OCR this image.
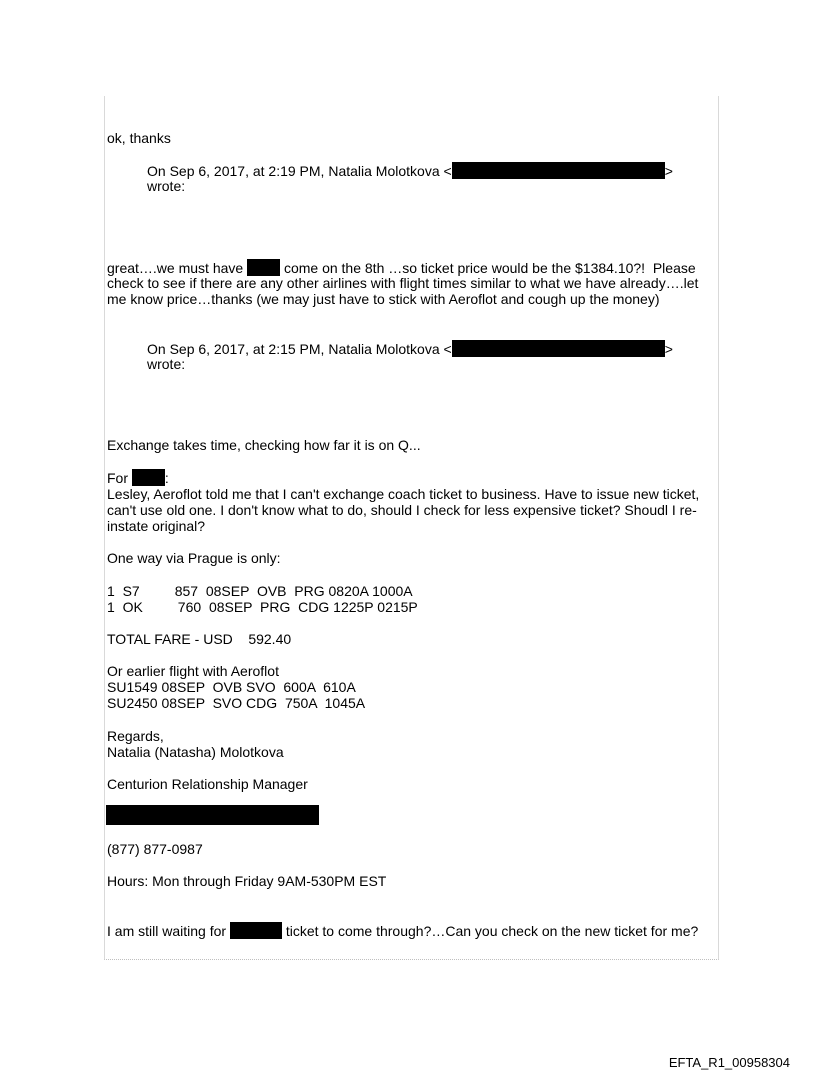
ok, thanks

On Sep 6, 2017, at 2:19 PM, Natalia Molotkova <	>

wrote:

great….we must have  come on the 8th …so ticket price would be the $1384.10?!  Please

check to see if there are any other airlines with flight times similar to what we have already….let

me know price…thanks (we may just have to stick with Aeroflot and cough up the money)

On Sep 6, 2017, at 2:15 PM, Natalia Molotkova <	>

wrote:

Exchange takes time, checking how far it is on Q...

For :

Lesley, Aeroflot told me that I can't exchange coach ticket to business. Have to issue new ticket,

can't use old one. I don't know what to do, should I check for less expensive ticket? Shoudl I re-

instate original?

One way via Prague is only:

1  S7         857  08SEP  OVB  PRG 0820A 1000A

1  OK         760  08SEP  PRG  CDG 1225P 0215P

TOTAL FARE - USD    592.40

Or earlier flight with Aeroflot

SU1549 08SEP  OVB SVO  600A  610A

SU2450 08SEP  SVO CDG  750A  1045A

Regards,

Natalia (Natasha) Molotkova

Centurion Relationship Manager

(877) 877-0987

Hours: Mon through Friday 9AM-530PM EST

I am still waiting for	ticket to come through?…Can you check on the new ticket for me?

EFTA_R1_00958304
